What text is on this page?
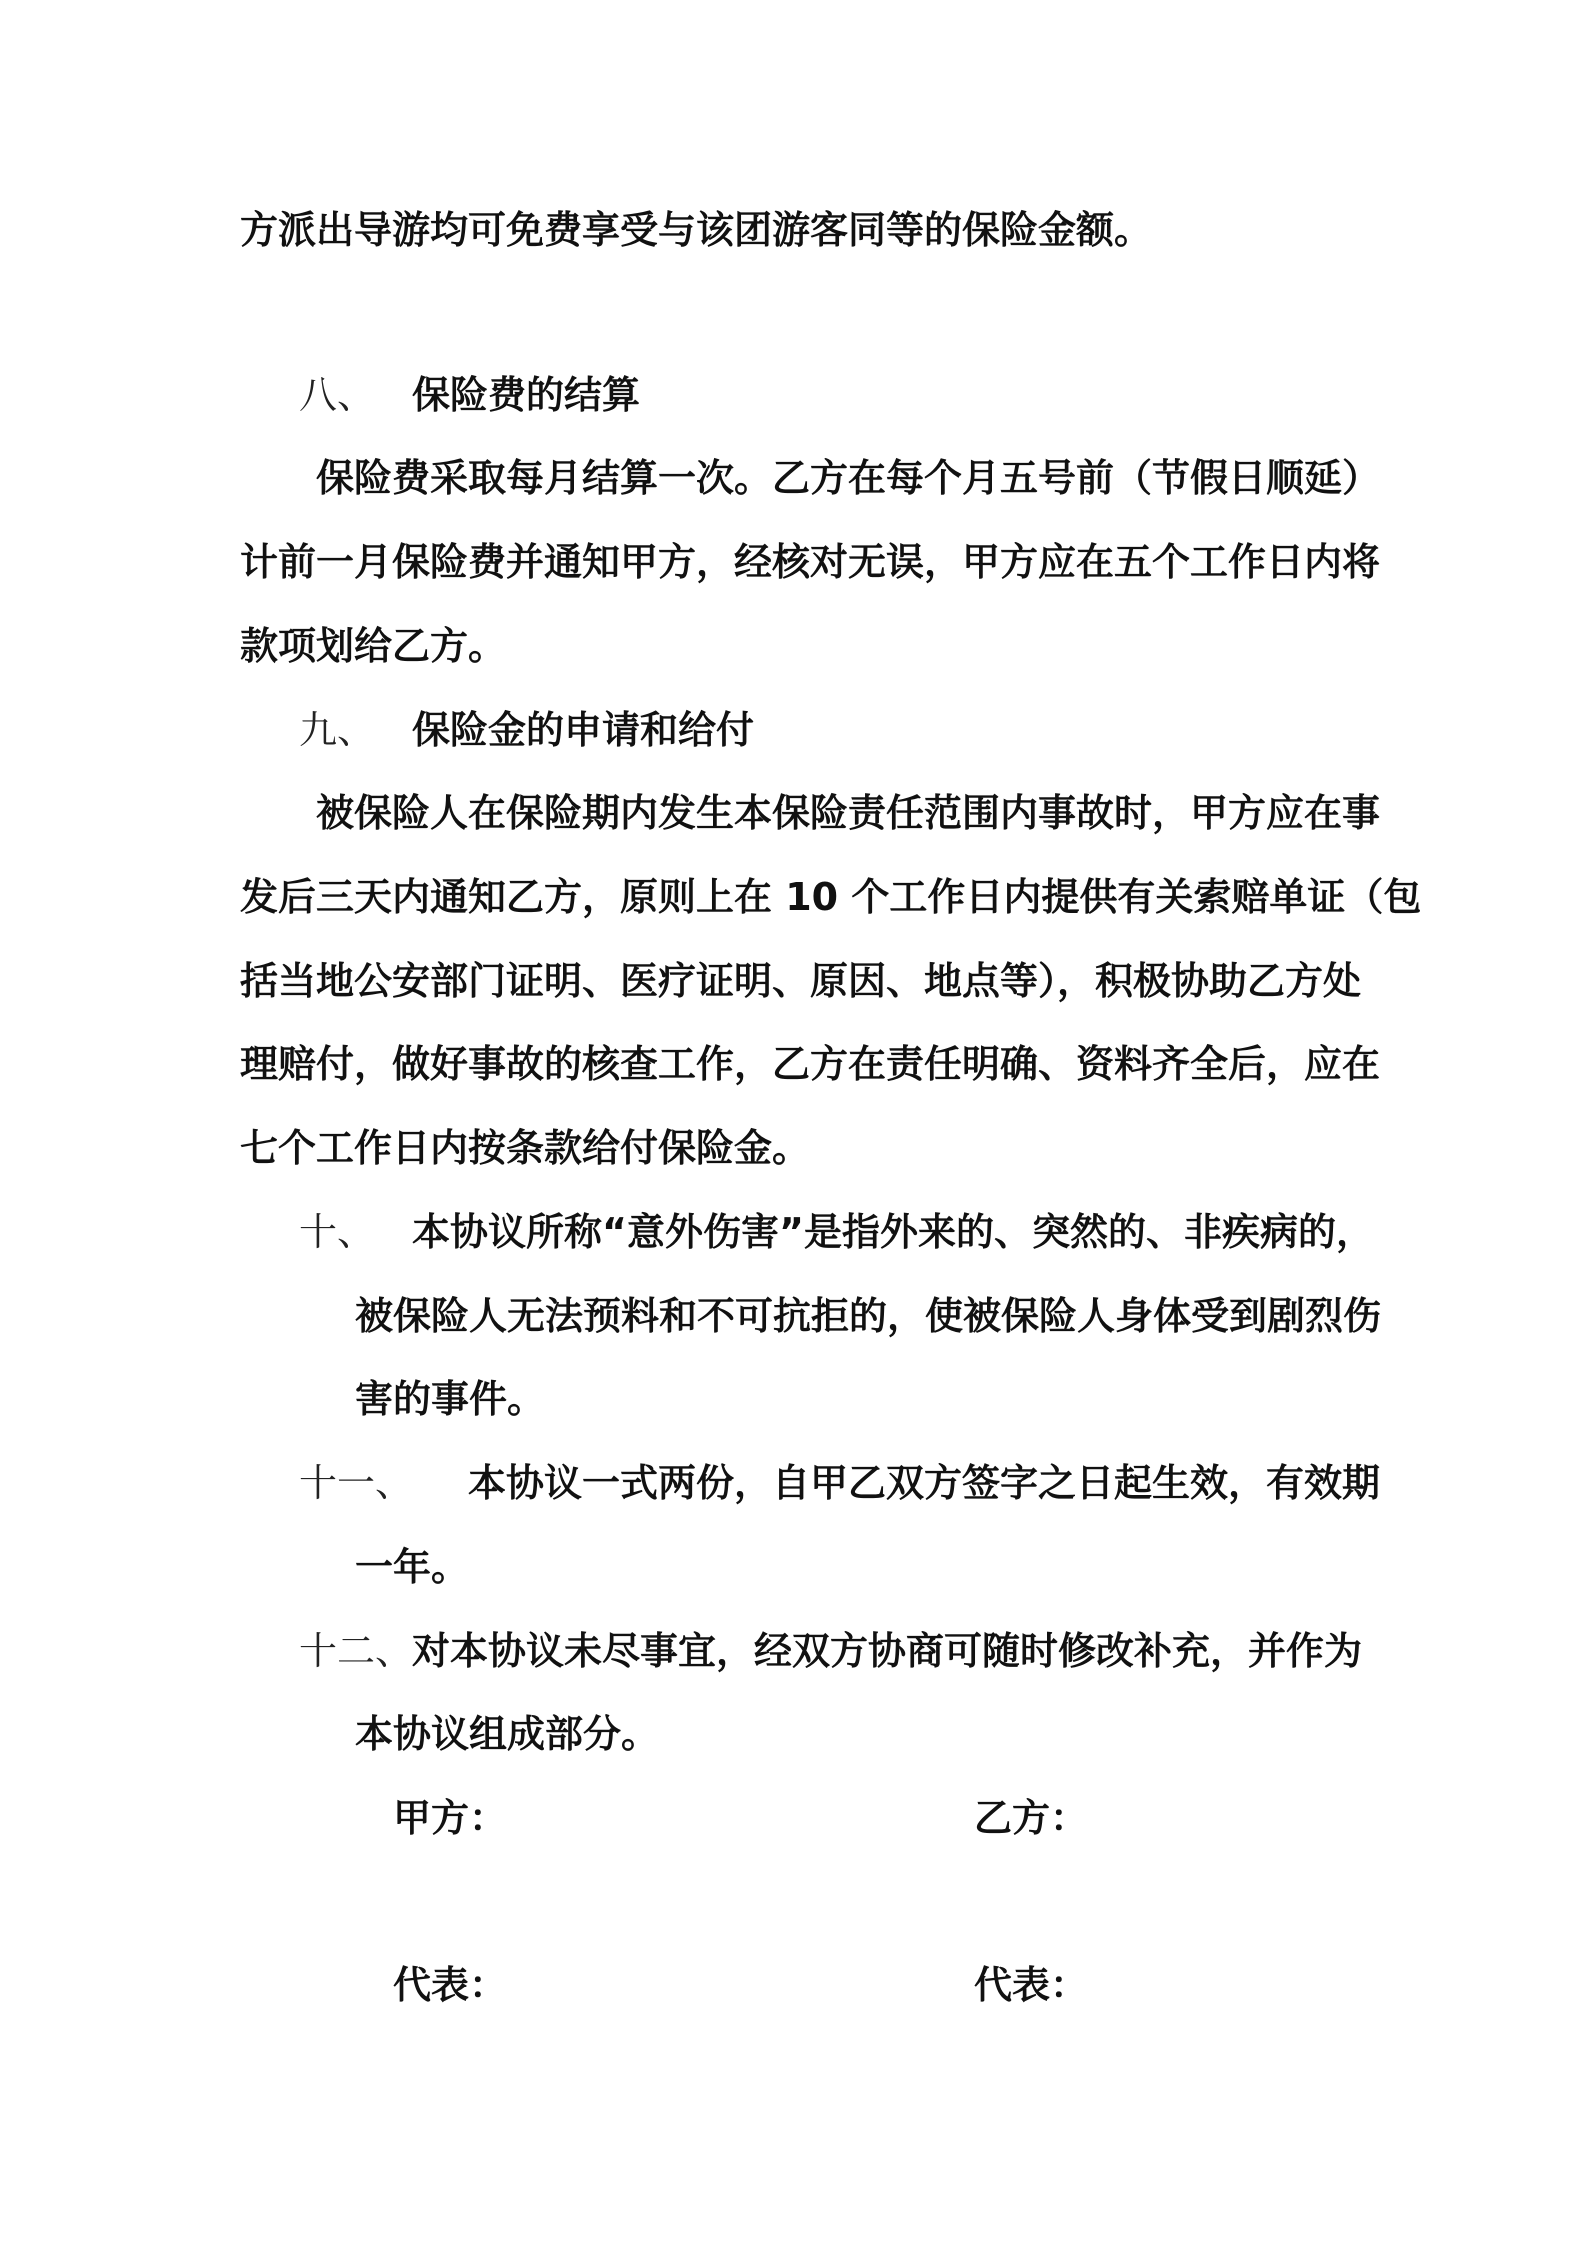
方派出导游均可免费享受与该团游客同等的保险金额。
八、 保险费的结算
保险费采取每月结算一次。乙方在每个月五号前（节假日顺延）
计前一月保险费并通知甲方，经核对无误，甲方应在五个工作日内将
款项划给乙方。
九、 保险金的申请和给付
被保险人在保险期内发生本保险责任范围内事故时，甲方应在事
发后三天内通知乙方，原则上在 10 个工作日内提供有关索赔单证（包
括当地公安部门证明、医疗证明、原因、地点等），积极协助乙方处
理赔付，做好事故的核查工作，乙方在责任明确、资料齐全后，应在
七个工作日内按条款给付保险金。
十、 本协议所称“意外伤害”是指外来的、突然的、非疾病的，
被保险人无法预料和不可抗拒的，使被保险人身体受到剧烈伤
害的事件。
十一、 本协议一式两份，自甲乙双方签字之日起生效，有效期
一年。
十二、
对本协议未尽事宜，经双方协商可随时修改补充，并作为
本协议组成部分。
甲方：	乙方：
代表：	代表：
